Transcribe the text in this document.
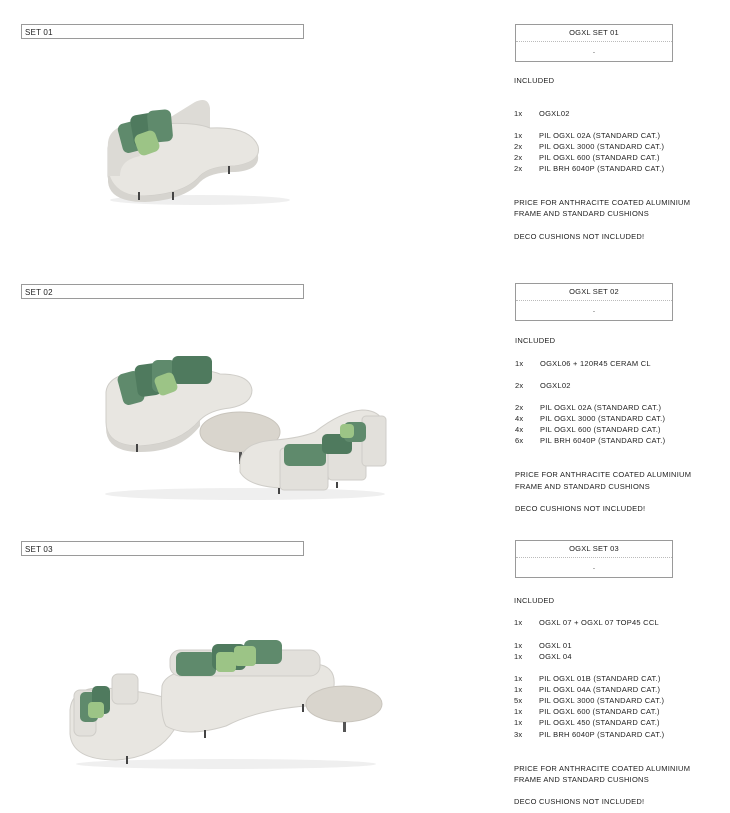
SET 01	OGXL SET 01
.
INCLUDED
1x OGXL02
1x PIL OGXL 02A (STANDARD CAT.)
2x PIL OGXL 3000 (STANDARD CAT.)
2x PIL OGXL 600 (STANDARD CAT.)
2x PIL BRH 6040P (STANDARD CAT.)
PRICE FOR ANTHRACITE COATED ALUMINIUM
FRAME AND STANDARD CUSHIONS
DECO CUSHIONS NOT INCLUDED!
SET 02	OGXL SET 02
.
INCLUDED
1x OGXL06 + 120R45 CERAM CL
2x OGXL02
2x PIL OGXL 02A (STANDARD CAT.)
4x PIL OGXL 3000 (STANDARD CAT.)
4x PIL OGXL 600 (STANDARD CAT.)
6x PIL BRH 6040P (STANDARD CAT.)
PRICE FOR ANTHRACITE COATED ALUMINIUM
FRAME AND STANDARD CUSHIONS
DECO CUSHIONS NOT INCLUDED!
SET 03	OGXL SET 03
.
INCLUDED
1x OGXL 07 + OGXL 07 TOP45 CCL
1x OGXL 01
1x OGXL 04
1x PIL OGXL 01B (STANDARD CAT.)
1x PIL OGXL 04A (STANDARD CAT.)
5x PIL OGXL 3000 (STANDARD CAT.)
1x PIL OGXL 600 (STANDARD CAT.)
1x PIL OGXL 450 (STANDARD CAT.)
3x PIL BRH 6040P (STANDARD CAT.)
PRICE FOR ANTHRACITE COATED ALUMINIUM
FRAME AND STANDARD CUSHIONS
DECO CUSHIONS NOT INCLUDED!
